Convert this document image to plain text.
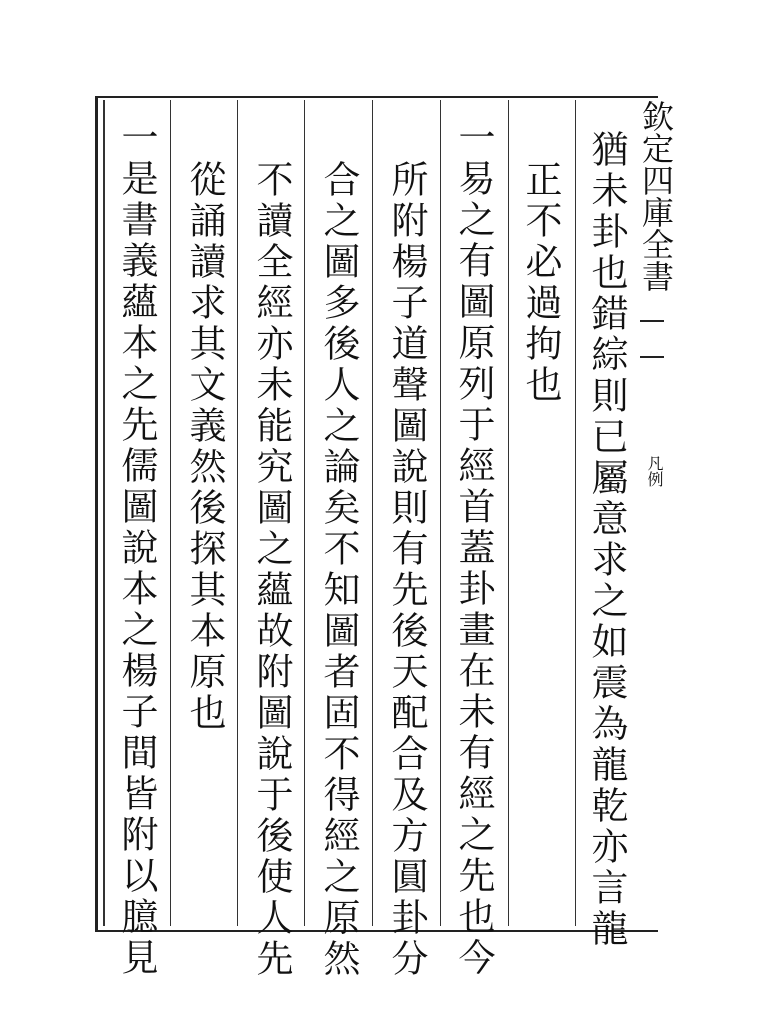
欽定四庫全書
凡例
猶未卦也錯綜則已屬意求之如震為龍乾亦言龍
正不必過拘也
一易之有圖原列于經首蓋卦畫在未有經之先也今
所附楊子道聲圖說則有先後天配合及方圓卦分
合之圖多後人之論矣不知圖者固不得經之原然
不讀全經亦未能究圖之蘊故附圖說于後使人先
從誦讀求其文義然後探其本原也
一是書義蘊本之先儒圖說本之楊子間皆附以臆見
